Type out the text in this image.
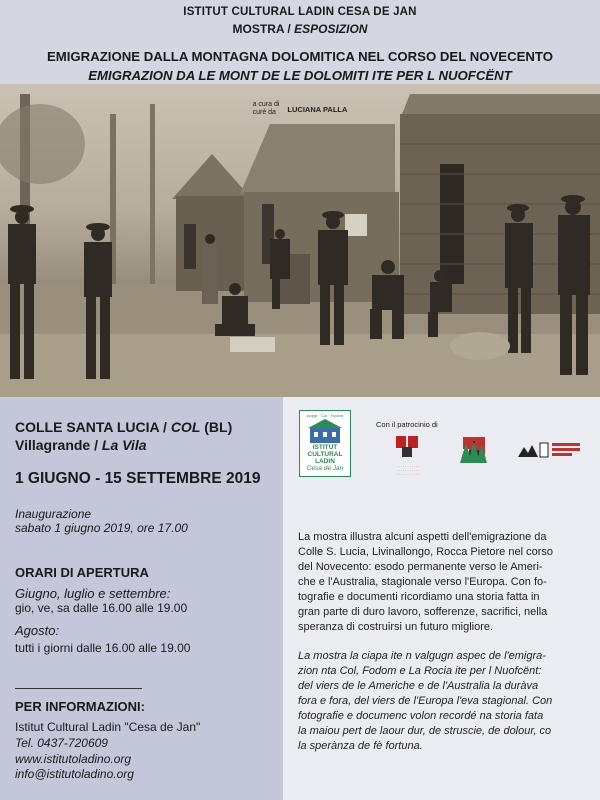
ISTITUT CULTURAL LADIN CESA DE JAN
MOSTRA / ESPOSIZION
EMIGRAZIONE DALLA MONTAGNA DOLOMITICA NEL CORSO DEL NOVECENTO
EMIGRAZION DA LE MONT DE LE DOLOMITI ITE PER L NUOFCËNT
a cura di
curé da LUCIANA PALLA
COLLE SANTA LUCIA / COL (BL)
Villagrande / La Vila
1 GIUGNO - 15 SETTEMBRE 2019
Inaugurazione
sabato 1 giugno 2019, ore 17.00
ORARI DI APERTURA
Giugno, luglio e settembre:
gio, ve, sa dalle 16.00 alle 19.00
Agosto:
tutti i giorni dalle 16.00 alle 19.00
PER INFORMAZIONI:
Istitut Cultural Ladin "Cesa de Jan"
Tel. 0437-720609
www.istitutoladino.org
info@istitutoladino.org
Anpgr · Col · Fodom
ISTITUT
CULTURAL
LADIN
Cesa de Jan
Con il patrocinio di
· · · · · · · · · · ·
· · · · · · · · · · ·
· · · · · · · · · · ·
La mostra illustra alcuni aspetti dell'emigrazione da
Colle S. Lucia, Livinallongo, Rocca Pietore nel corso
del Novecento: esodo permanente verso le Ameri-
che e l'Australia, stagionale verso l'Europa. Con fo-
tografie e documenti ricordiamo una storia fatta in
gran parte di duro lavoro, sofferenze, sacrifici, nella
speranza di costruirsi un futuro migliore.
La mostra la ciapa ite n valgugn aspec de l'emigra-
zion nta Col, Fodom e La Rocia ite per l Nuofcënt:
del viers de le Americhe e de l'Australia la duràva
fora e fora, del viers de l'Europa l'eva stagional. Con
fotografie e documenc volon recordé na storia fata
la maiou pert de laour dur, de struscie, de dolour, co
la sperànza de fè fortuna.
